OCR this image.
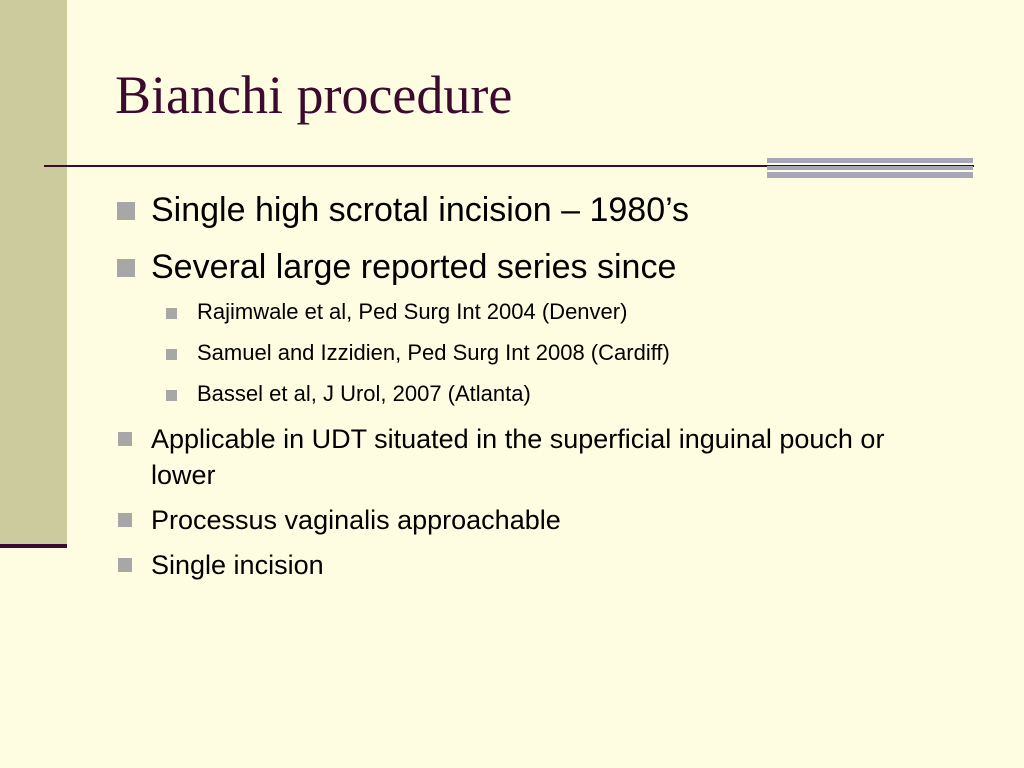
Bianchi procedure
Single high scrotal incision – 1980’s
Several large reported series since
Rajimwale et al, Ped Surg Int 2004 (Denver)
Samuel and Izzidien, Ped Surg Int 2008 (Cardiff)
Bassel et al, J Urol, 2007 (Atlanta)
Applicable in UDT situated in the superficial inguinal pouch or lower
Processus vaginalis approachable
Single incision
